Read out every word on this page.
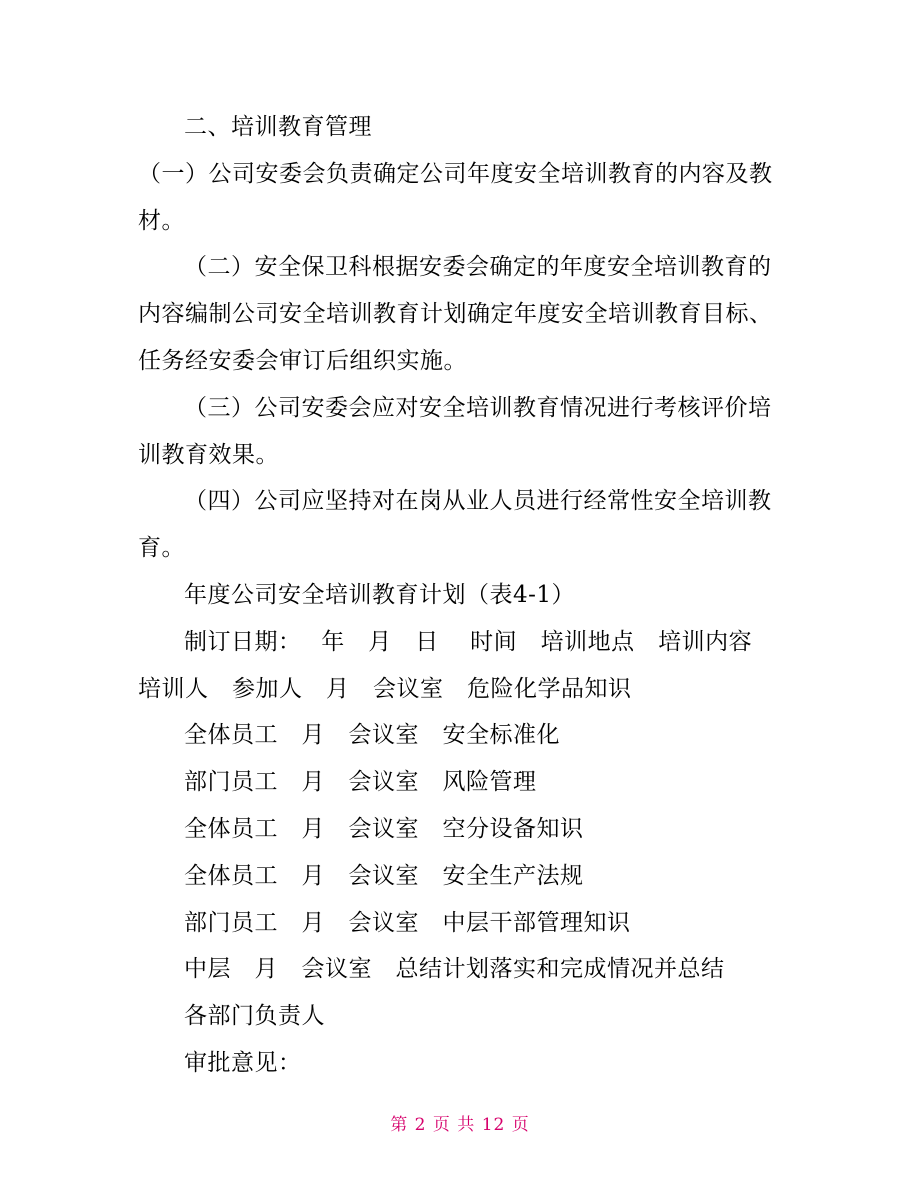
二、培训教育管理
（一）公司安委会负责确定公司年度安全培训教育的内容及教
材。
（二）安全保卫科根据安委会确定的年度安全培训教育的
内容编制公司安全培训教育计划确定年度安全培训教育目标、
任务经安委会审订后组织实施。
（三）公司安委会应对安全培训教育情况进行考核评价培
训教育效果。
（四）公司应坚持对在岗从业人员进行经常性安全培训教
育。
年度公司安全培训教育计划（表4-1）
制订日期：　 年　月　日　 时间　培训地点　培训内容
培训人　参加人　月　会议室　危险化学品知识
全体员工　月　会议室　安全标准化
部门员工　月　会议室　风险管理
全体员工　月　会议室　空分设备知识
全体员工　月　会议室　安全生产法规
部门员工　月　会议室　中层干部管理知识
中层　月　会议室　总结计划落实和完成情况并总结
各部门负责人
审批意见：
第 2 页 共 12 页
